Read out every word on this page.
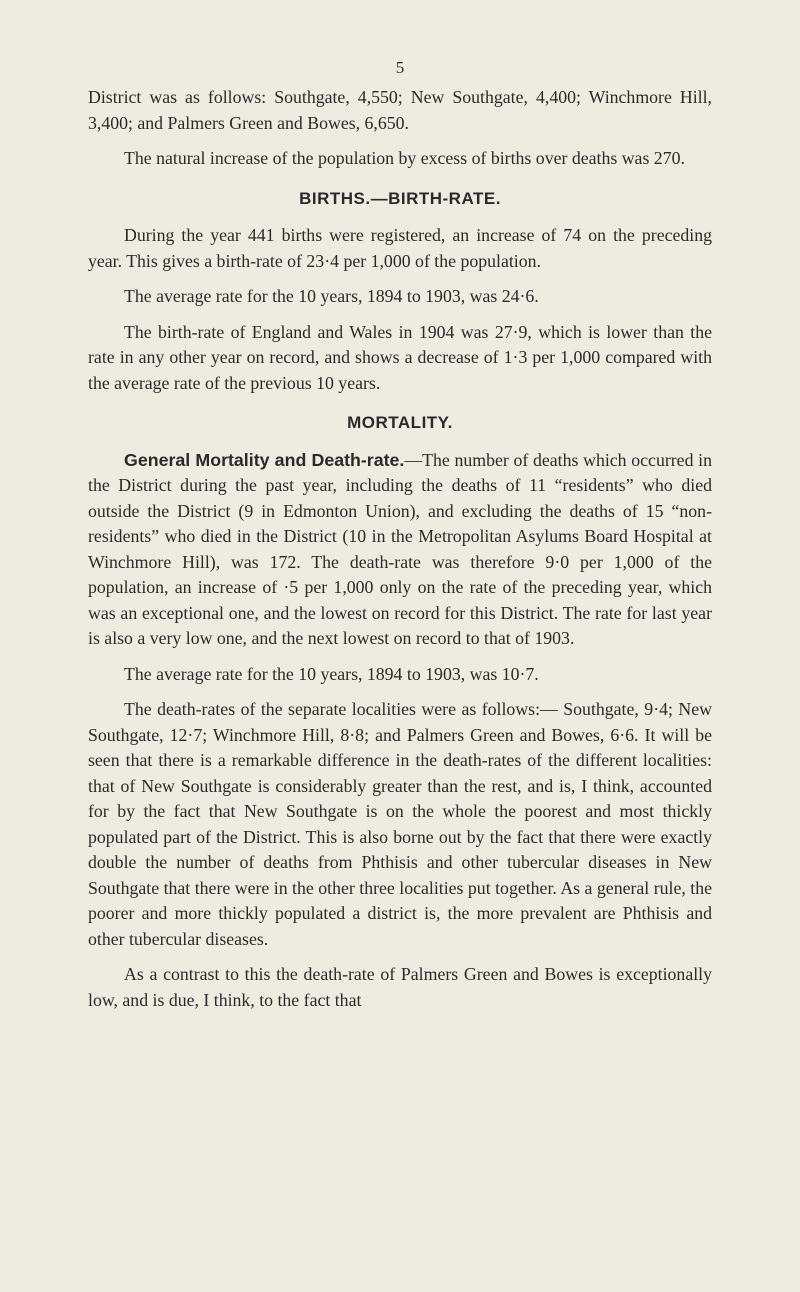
5

District was as follows: Southgate, 4,550; New Southgate, 4,400; Winchmore Hill, 3,400; and Palmers Green and Bowes, 6,650.

The natural increase of the population by excess of births over deaths was 270.

BIRTHS.—BIRTH-RATE.

During the year 441 births were registered, an increase of 74 on the preceding year. This gives a birth-rate of 23·4 per 1,000 of the population.

The average rate for the 10 years, 1894 to 1903, was 24·6.

The birth-rate of England and Wales in 1904 was 27·9, which is lower than the rate in any other year on record, and shows a decrease of 1·3 per 1,000 compared with the average rate of the previous 10 years.

MORTALITY.

General Mortality and Death-rate.—The number of deaths which occurred in the District during the past year, including the deaths of 11 “residents” who died outside the District (9 in Edmonton Union), and excluding the deaths of 15 “non-residents” who died in the District (10 in the Metropolitan Asylums Board Hospital at Winchmore Hill), was 172. The death-rate was therefore 9·0 per 1,000 of the population, an increase of ·5 per 1,000 only on the rate of the preceding year, which was an exceptional one, and the lowest on record for this District. The rate for last year is also a very low one, and the next lowest on record to that of 1903.

The average rate for the 10 years, 1894 to 1903, was 10·7.

The death-rates of the separate localities were as follows:— Southgate, 9·4; New Southgate, 12·7; Winchmore Hill, 8·8; and Palmers Green and Bowes, 6·6. It will be seen that there is a remarkable difference in the death-rates of the different localities: that of New Southgate is considerably greater than the rest, and is, I think, accounted for by the fact that New Southgate is on the whole the poorest and most thickly populated part of the District. This is also borne out by the fact that there were exactly double the number of deaths from Phthisis and other tubercular diseases in New Southgate that there were in the other three localities put together. As a general rule, the poorer and more thickly populated a district is, the more prevalent are Phthisis and other tubercular diseases.

As a contrast to this the death-rate of Palmers Green and Bowes is exceptionally low, and is due, I think, to the fact that
